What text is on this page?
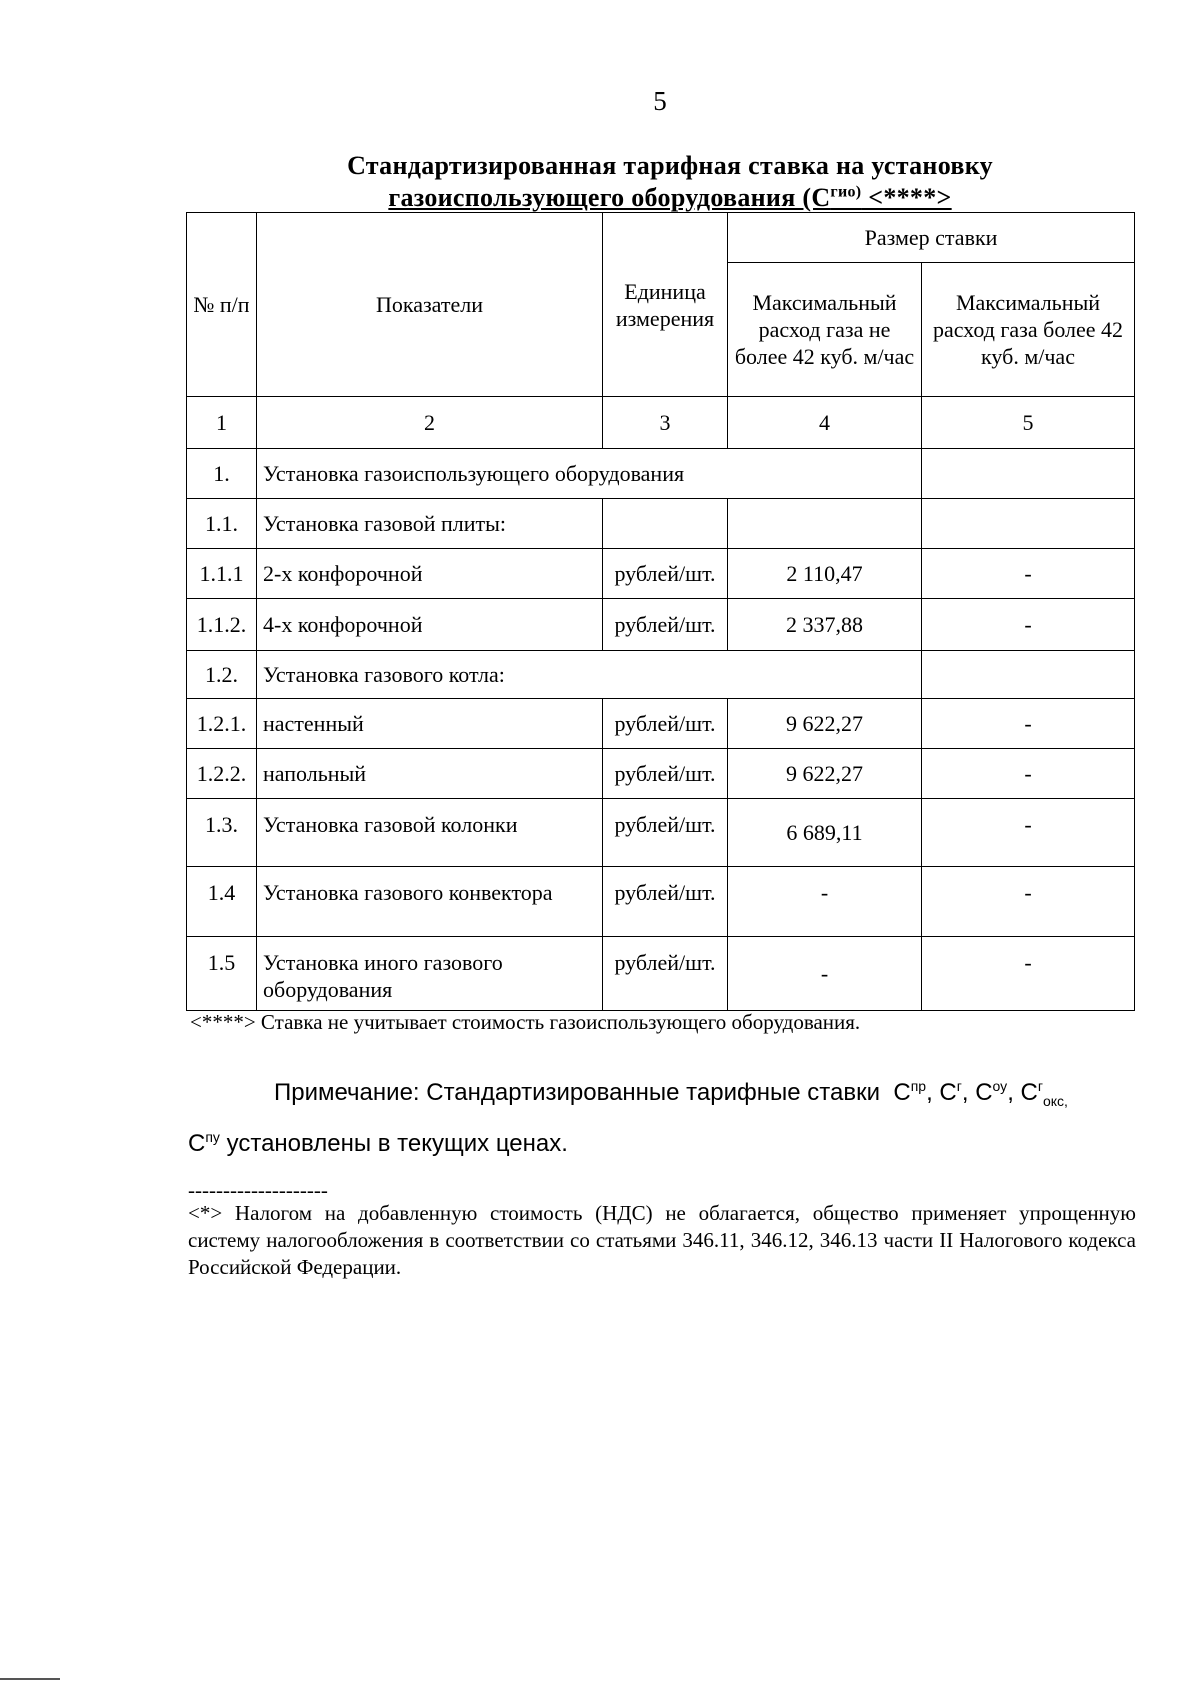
5
Стандартизированная тарифная ставка на установку
газоиспользующего оборудования ($С^{гио)}$ <****>
№ п/п	Показатели	Единица измерения	Размер ставки	
			Максимальный расход газа не более 42 куб. м/час	Максимальный расход газа более 42 куб. м/час
1	2	3	4	5
1.	Установка газоиспользующего оборудования			
1.1.	Установка газовой плиты:			
1.1.1	2-х конфорочной	рублей/шт.	2 110,47	-
1.1.2.	4-х конфорочной	рублей/шт.	2 337,88	-
1.2.	Установка газового котла:			
1.2.1.	настенный	рублей/шт.	9 622,27	-
1.2.2.	напольный	рублей/шт.	9 622,27	-
1.3.	Установка газовой колонки	рублей/шт.	6 689,11	-
1.4	Установка газового конвектора	рублей/шт.	-	-
1.5	Установка иного газового оборудования	рублей/шт.	-	-
<****> Ставка не учитывает стоимость газоиспользующего оборудования.
Примечание: Стандартизированные тарифные ставки $С^{пр}$, $С^г$, $С^{оу}$, $С^г_{окс,}$
$С^{пу}$ установлены в текущих ценах.
--------------------
<*> Налогом на добавленную стоимость (НДС) не облагается, общество применяет упрощенную систему налогообложения в соответствии со статьями 346.11, 346.12, 346.13 части II Налогового кодекса Российской Федерации.
